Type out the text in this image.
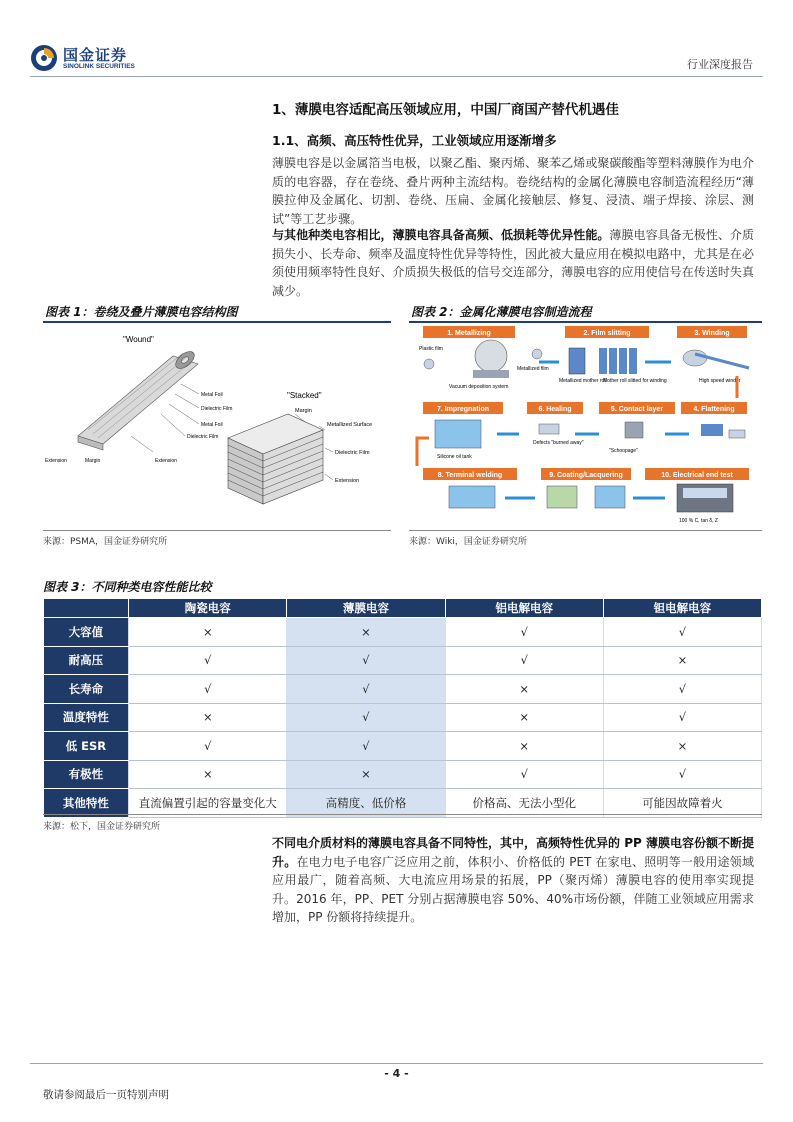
国金证券
SINOLINK SECURITIES	行业深度报告
1、薄膜电容适配高压领域应用，中国厂商国产替代机遇佳
1.1、高频、高压特性优异，工业领域应用逐渐增多
薄膜电容是以金属箔当电极，以聚乙酯、聚丙烯、聚苯乙烯或聚碳酸酯等塑料薄膜作为电介质的电容器，存在卷绕、叠片两种主流结构。卷绕结构的金属化薄膜电容制造流程经历“薄膜拉伸及金属化、切割、卷绕、压扁、金属化接触层、修复、浸渍、端子焊接、涂层、测试”等工艺步骤。
与其他种类电容相比，薄膜电容具备高频、低损耗等优异性能。薄膜电容具备无极性、介质损失小、长寿命、频率及温度特性优异等特性，因此被大量应用在模拟电路中，尤其是在必须使用频率特性良好、介质损失极低的信号交连部分，薄膜电容的应用使信号在传送时失真减少。
图表 1：卷绕及叠片薄膜电容结构图
"Wound"
Metal Foil
Dielectric Film
Metal Foil
Dielectric Film
Extension
Extension	Margin
"Stacked"
Margin
Metallized Surface
Dielectric Film
Extension
来源：PSMA，国金证券研究所
图表 2：金属化薄膜电容制造流程
1. Metallizing	2. Film slitting	3. Winding
Plastic film
Metallized film
Vacuum deposition system
Metallized mother roll
Mother roll slitted for winding	High speed winder
7. Impregnation	6. Healing	5. Contact layer	4. Flattening
Silicone oil tank
Defects "burned away"
"Schoopage"
8. Terminal welding	9. Coating/Lacquering	10. Electrical end test
100 % C, tan δ, Z
来源：Wiki，国金证券研究所
图表 3：不同种类电容性能比较
	陶瓷电容	薄膜电容	铝电解电容	钽电解电容
大容值	×	×	√	√
耐高压	√	√	√	×
长寿命	√	√	×	√
温度特性	×	√	×	√
低 ESR	√	√	×	×
有极性	×	×	√	√
其他特性	直流偏置引起的容量变化大	高精度、低价格	价格高、无法小型化	可能因故障着火
来源：松下，国金证券研究所
不同电介质材料的薄膜电容具备不同特性，其中，高频特性优异的 PP 薄膜电容份额不断提升。在电力电子电容广泛应用之前，体积小、价格低的 PET 在家电、照明等一般用途领域应用最广，随着高频、大电流应用场景的拓展，PP（聚丙烯）薄膜电容的使用率实现提升。2016 年，PP、PET 分别占据薄膜电容 50%、40%市场份额，伴随工业领域应用需求增加，PP 份额将持续提升。
- 4 -
敬请参阅最后一页特别声明
